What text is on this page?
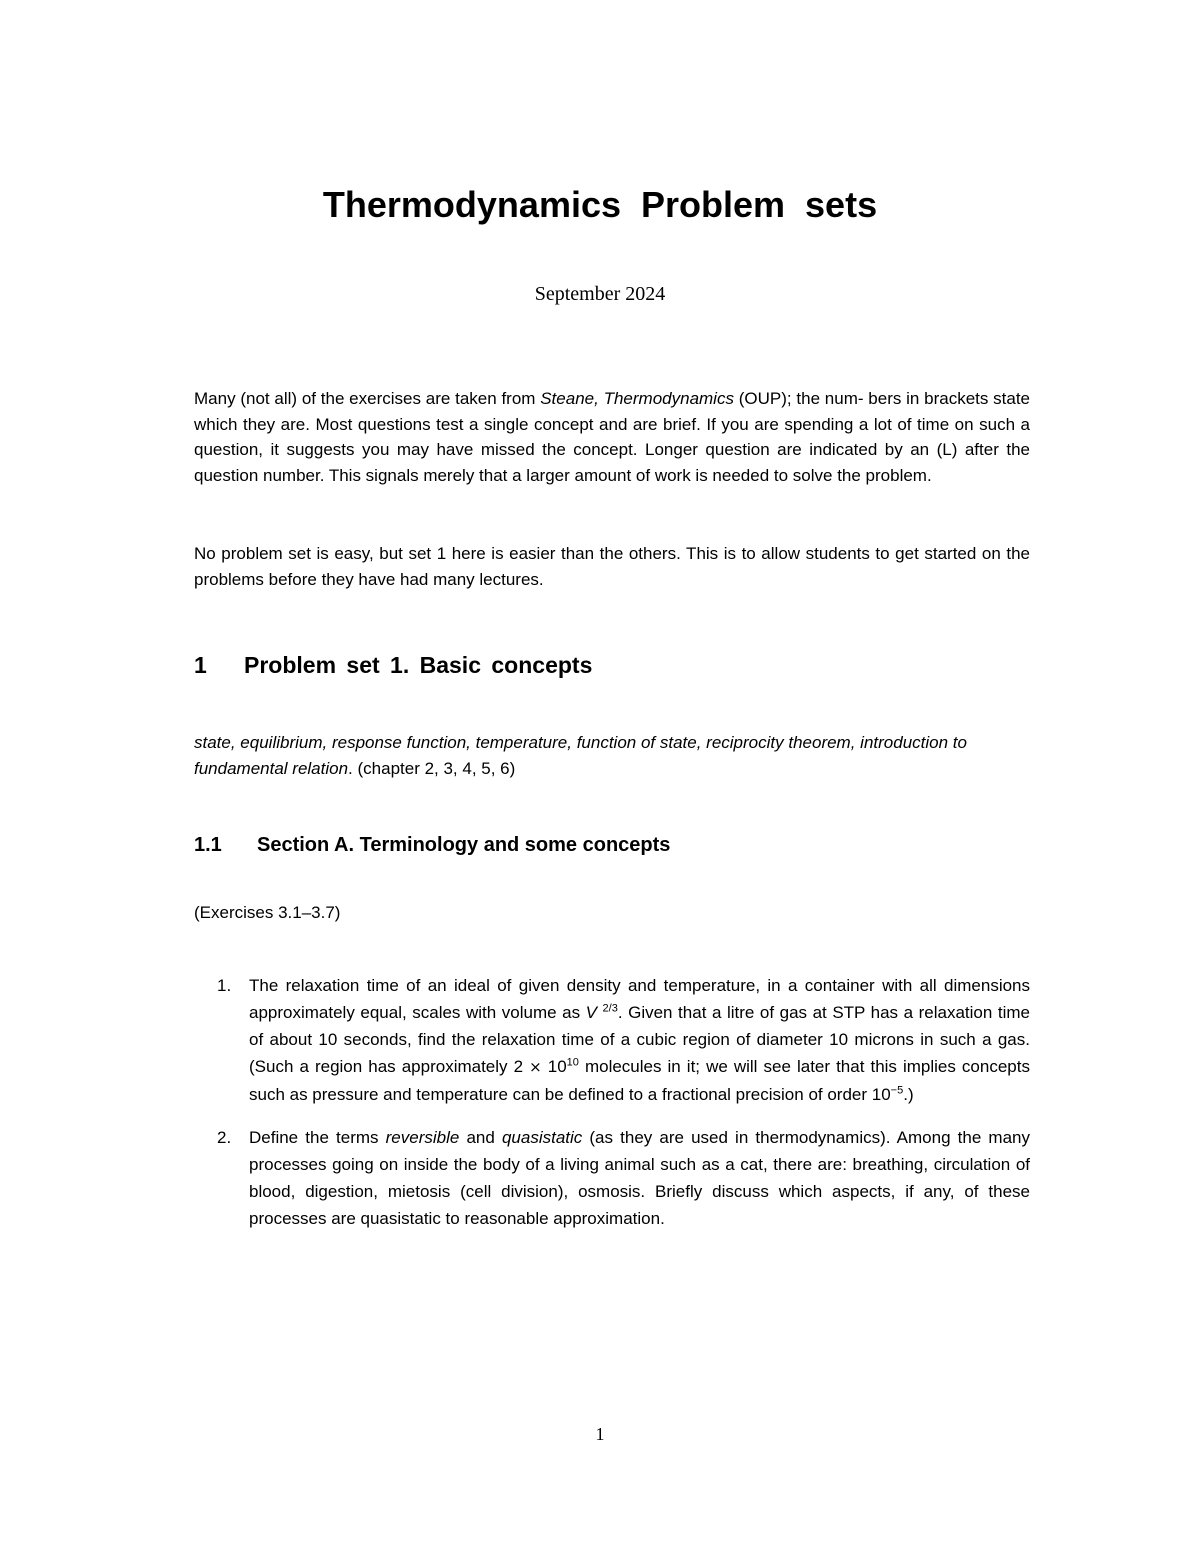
Thermodynamics Problem sets
September 2024

Many (not all) of the exercises are taken from Steane, Thermodynamics (OUP); the num- bers in brackets state which they are. Most questions test a single concept and are brief. If you are spending a lot of time on such a question, it suggests you may have missed the concept. Longer question are indicated by an (L) after the question number. This signals merely that a larger amount of work is needed to solve the problem.

No problem set is easy, but set 1 here is easier than the others. This is to allow students to get started on the problems before they have had many lectures.

1 Problem set 1. Basic concepts

state, equilibrium, response function, temperature, function of state, reciprocity theorem, introduction to fundamental relation. (chapter 2, 3, 4, 5, 6)

1.1 Section A. Terminology and some concepts
(Exercises 3.1–3.7)
1. The relaxation time of an ideal of given density and temperature, in a container with all dimensions approximately equal, scales with volume as V $^{2/3}$. Given that a litre of gas at STP has a relaxation time of about 10 seconds, find the relaxation time of a cubic region of diameter 10 microns in such a gas. (Such a region has approximately $2 \times 10^{10}$ molecules in it; we will see later that this implies concepts such as pressure and temperature can be defined to a fractional precision of order $10^{-5}$.)
2. Define the terms reversible and quasistatic (as they are used in thermodynamics). Among the many processes going on inside the body of a living animal such as a cat, there are: breathing, circulation of blood, digestion, mietosis (cell division), osmosis. Briefly discuss which aspects, if any, of these processes are quasistatic to reasonable approximation.
1
